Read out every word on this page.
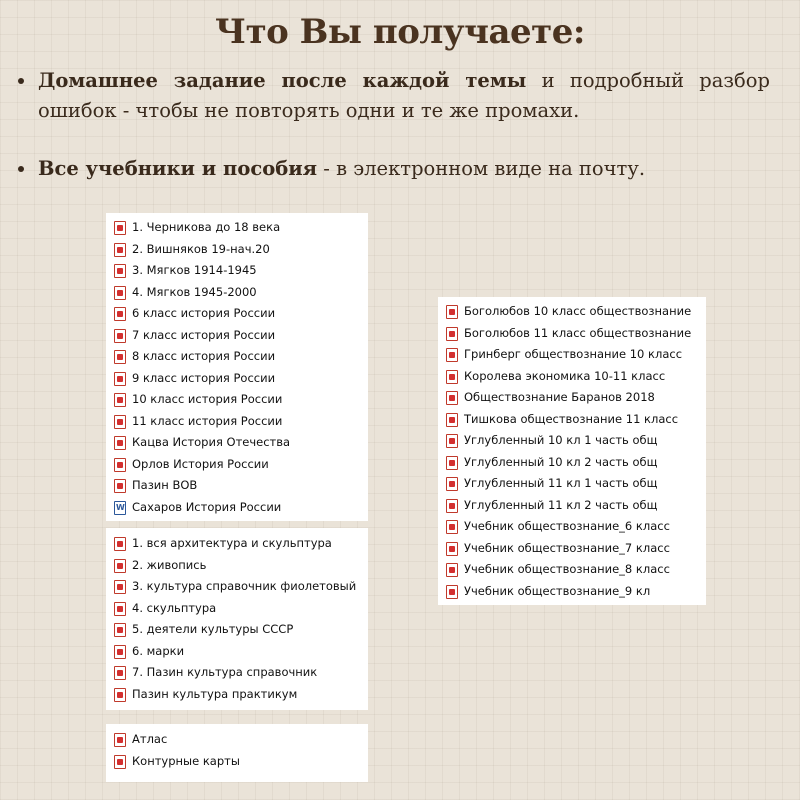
Что Вы получаете:
Домашнее задание после каждой темы и подробный разбор ошибок - чтобы не повторять одни и те же промахи.
Все учебники и пособия - в электронном виде на почту.
1. Черникова до 18 века
2. Вишняков 19-нач.20
3. Мягков 1914-1945
4. Мягков 1945-2000
6 класс история России
7 класс история России
8 класс история России
9 класс история России
10 класс история России
11 класс история России
Кацва История Отечества
Орлов История России
Пазин ВОВ
W
Сахаров История России
1. вся архитектура и скульптура
2. живопись
3. культура справочник фиолетовый
4. скульптура
5. деятели культуры СССР
6. марки
7. Пазин культура справочник
Пазин культура практикум
Атлас
Контурные карты
Боголюбов 10 класс обществознание
Боголюбов 11 класс обществознание
Гринберг обществознание 10 класс
Королева экономика 10-11 класс
Обществознание Баранов 2018
Тишкова обществознание 11 класс
Углубленный 10 кл 1 часть общ
Углубленный 10 кл 2 часть общ
Углубленный 11 кл 1 часть общ
Углубленный 11 кл 2 часть общ
Учебник обществознание_6 класс
Учебник обществознание_7 класс
Учебник обществознание_8 класс
Учебник обществознание_9 кл
